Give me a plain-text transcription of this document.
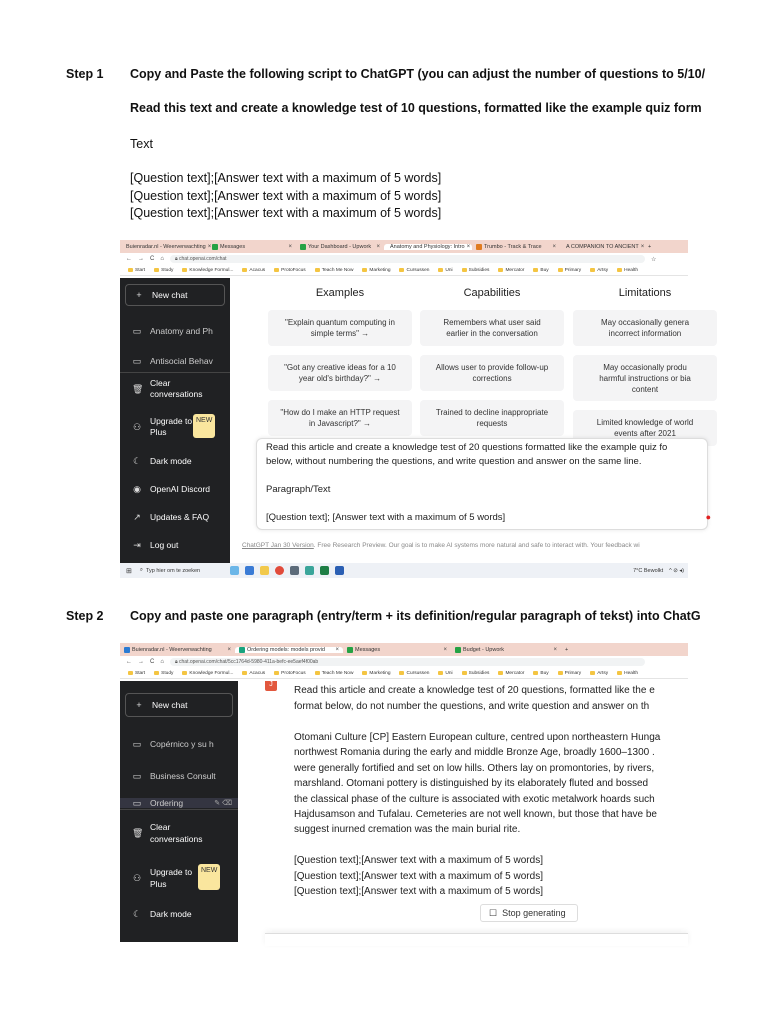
Step 1 Copy and Paste the following script to ChatGPT (you can adjust the number of questions to 5/10/
Read this text and create a knowledge test of 10 questions, formatted like the example quiz form
Text
[Question text];[Answer text with a maximum of 5 words]
[Question text];[Answer text with a maximum of 5 words]
[Question text];[Answer text with a maximum of 5 words]
Buienradar.nl - Weerverwachting × Messages	×	Your Dashboard - Upwork × Anatomy and Physiology: Intro ×	Trumbo - Track & Trace × A COMPANION TO ANCIENT × +
← → C ⌂ 🔒︎ chat.openai.com/chat	☆
Start	Study	Knowledge Formul...	Acacus	ProtoFocus	Teach Me Now	Marketing	Cursussen	Uni	Subsidies	Mercator	Buy	Primary	Artsy	Health
+ New chat
▭ Anatomy and Ph
▭ Antisocial Behav
🗑︎
Clear
conversations
⚇
Upgrade to
Plus
NEW
☾ Dark mode
◉ OpenAI Discord
↗ Updates & FAQ
⇥ Log out
Examples	Capabilities	Limitations
"Explain quantum computing in
simple terms" →
"Got any creative ideas for a 10
year old's birthday?" →
"How do I make an HTTP request
in Javascript?" →
Remembers what user said
earlier in the conversation
Allows user to provide follow-up
corrections
Trained to decline inappropriate
requests
May occasionally genera
incorrect information
May occasionally produ
harmful instructions or bia
content
Limited knowledge of world
events after 2021
Read this article and create a knowledge test of 20 questions formatted like the example quiz fo
below, without numbering the questions, and write question and answer on the same line.
Paragraph/Text
[Question text]; [Answer text with a maximum of 5 words]	●
ChatGPT Jan 30 Version. Free Research Preview. Our goal is to make AI systems more natural and safe to interact with. Your feedback wi
⊞ ⌕ Typ hier om te zoeken	7°C Bewolkt ^ ⊘ ◂)
Step 2 Copy and paste one paragraph (entry/term + its definition/regular paragraph of tekst) into ChatG
Buienradar.nl - Weerverwachting	×	Ordering models: models provid ×	Messages	×	Budget - Upwork	×	+
← → C ⌂ 🔒︎ chat.openai.com/chat/5cc1764d-5980-411a-befc-ee5aef4f00ab
Start	Study	Knowledge Formul...	Acacus	ProtoFocus	Teach Me Now	Marketing	Cursussen	Uni	Subsidies	Mercator	Buy	Primary	Artsy	Health
+ New chat
▭ Copérnico y su h
▭ Business Consult
▭ Ordering	✎ ⌫
🗑︎
Clear
conversations
⚇
Upgrade to
Plus
NEW
☾ Dark mode
J
Read this article and create a knowledge test of 20 questions, formatted like the e
format below, do not number the questions, and write question and answer on th
Otomani Culture [CP] Eastern European culture, centred upon northeastern Hunga
northwest Romania during the early and middle Bronze Age, broadly 1600–1300 .
were generally fortified and set on low hills. Others lay on promontories, by rivers,
marshland. Otomani pottery is distinguished by its elaborately fluted and bossed
the classical phase of the culture is associated with exotic metalwork hoards such
Hajdusamson and Tufalau. Cemeteries are not well known, but those that have be
suggest inurned cremation was the main burial rite.
[Question text];[Answer text with a maximum of 5 words]
[Question text];[Answer text with a maximum of 5 words]
[Question text];[Answer text with a maximum of 5 words]
☐ Stop generating
